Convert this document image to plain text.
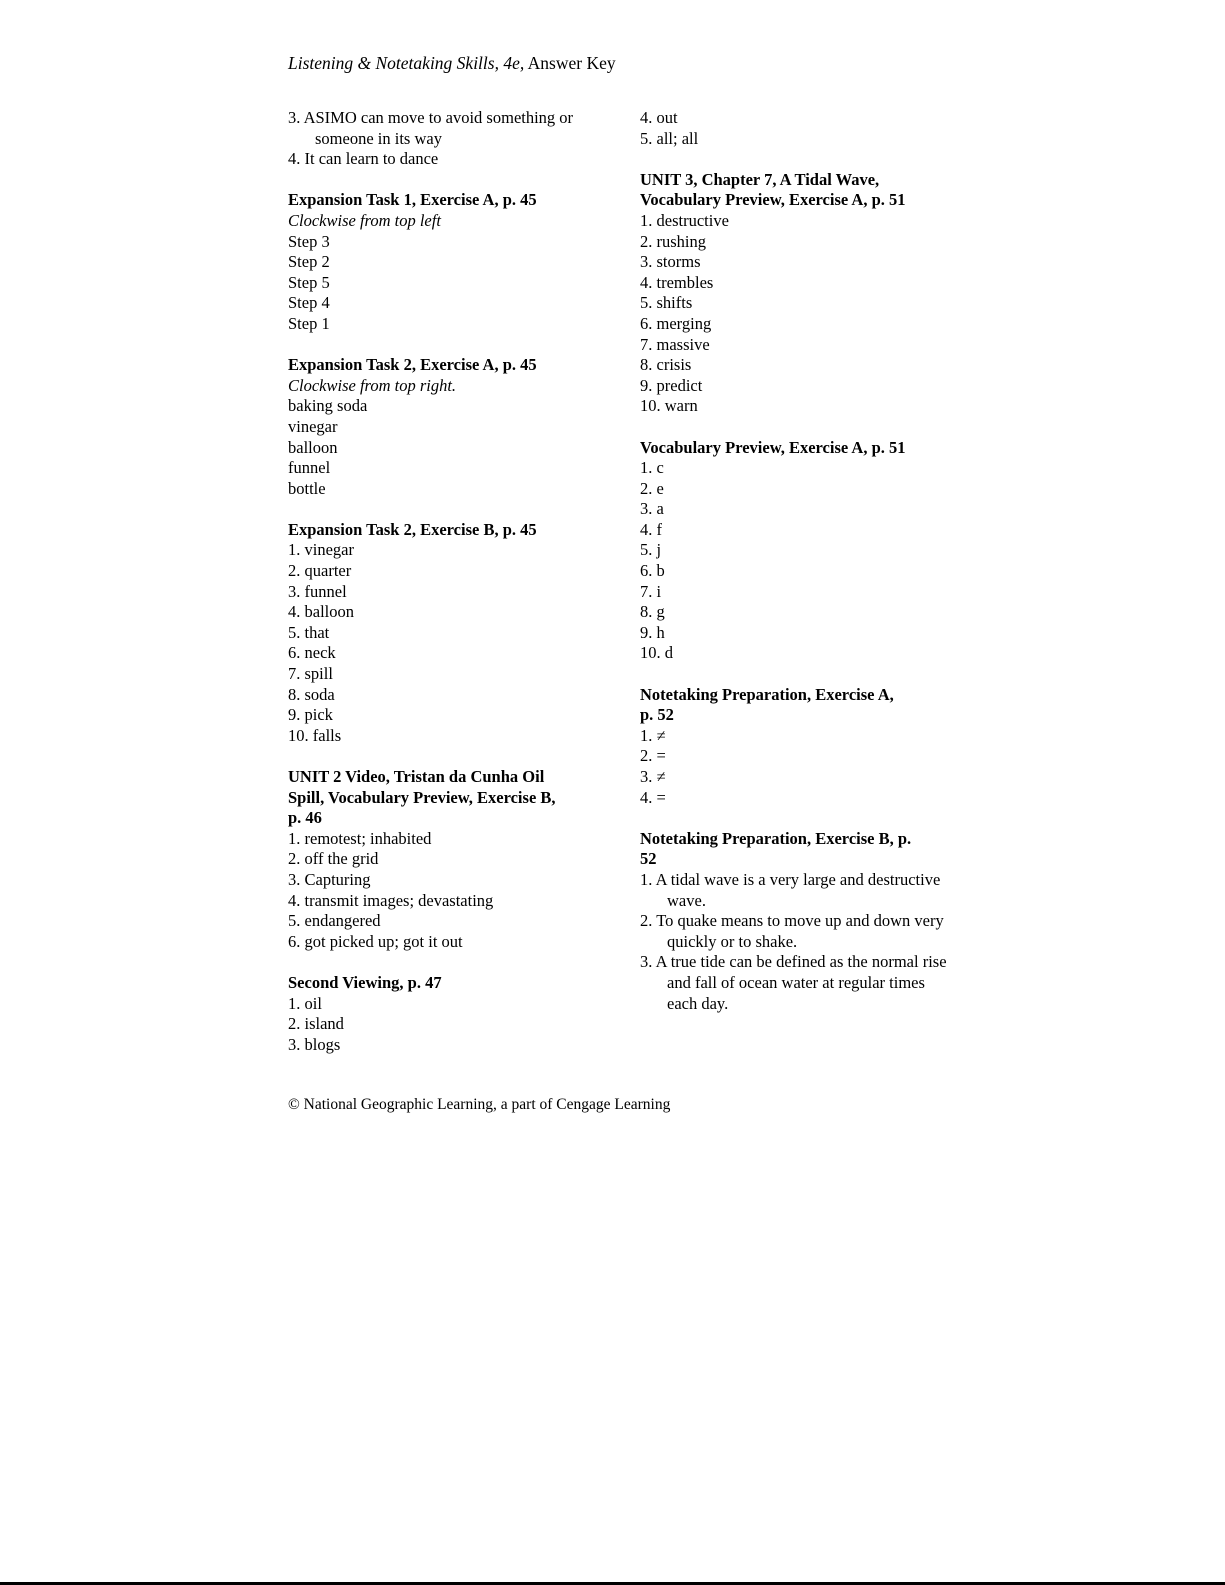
Listening & Notetaking Skills, 4e, Answer Key
3. ASIMO can move to avoid something or someone in its way
4. It can learn to dance
Expansion Task 1, Exercise A, p. 45
Clockwise from top left
Step 3
Step 2
Step 5
Step 4
Step 1
Expansion Task 2, Exercise A, p. 45
Clockwise from top right.
baking soda
vinegar
balloon
funnel
bottle
Expansion Task 2, Exercise B, p. 45
1. vinegar
2. quarter
3. funnel
4. balloon
5. that
6. neck
7. spill
8. soda
9. pick
10. falls
UNIT 2 Video, Tristan da Cunha Oil
Spill, Vocabulary Preview, Exercise B,
p. 46
1. remotest; inhabited
2. off the grid
3. Capturing
4. transmit images; devastating
5. endangered
6. got picked up; got it out
Second Viewing, p. 47
1. oil
2. island
3. blogs
4. out
5. all; all
UNIT 3, Chapter 7, A Tidal Wave,
Vocabulary Preview, Exercise A, p. 51
1. destructive
2. rushing
3. storms
4. trembles
5. shifts
6. merging
7. massive
8. crisis
9. predict
10. warn
Vocabulary Preview, Exercise A, p. 51
1. c
2. e
3. a
4. f
5. j
6. b
7. i
8. g
9. h
10. d
Notetaking Preparation, Exercise A,
p. 52
1. ≠
2. =
3. ≠
4. =
Notetaking Preparation, Exercise B, p.
52
1. A tidal wave is a very large and destructive wave.
2. To quake means to move up and down very quickly or to shake.
3. A true tide can be defined as the normal rise and fall of ocean water at regular times each day.
© National Geographic Learning, a part of Cengage Learning
